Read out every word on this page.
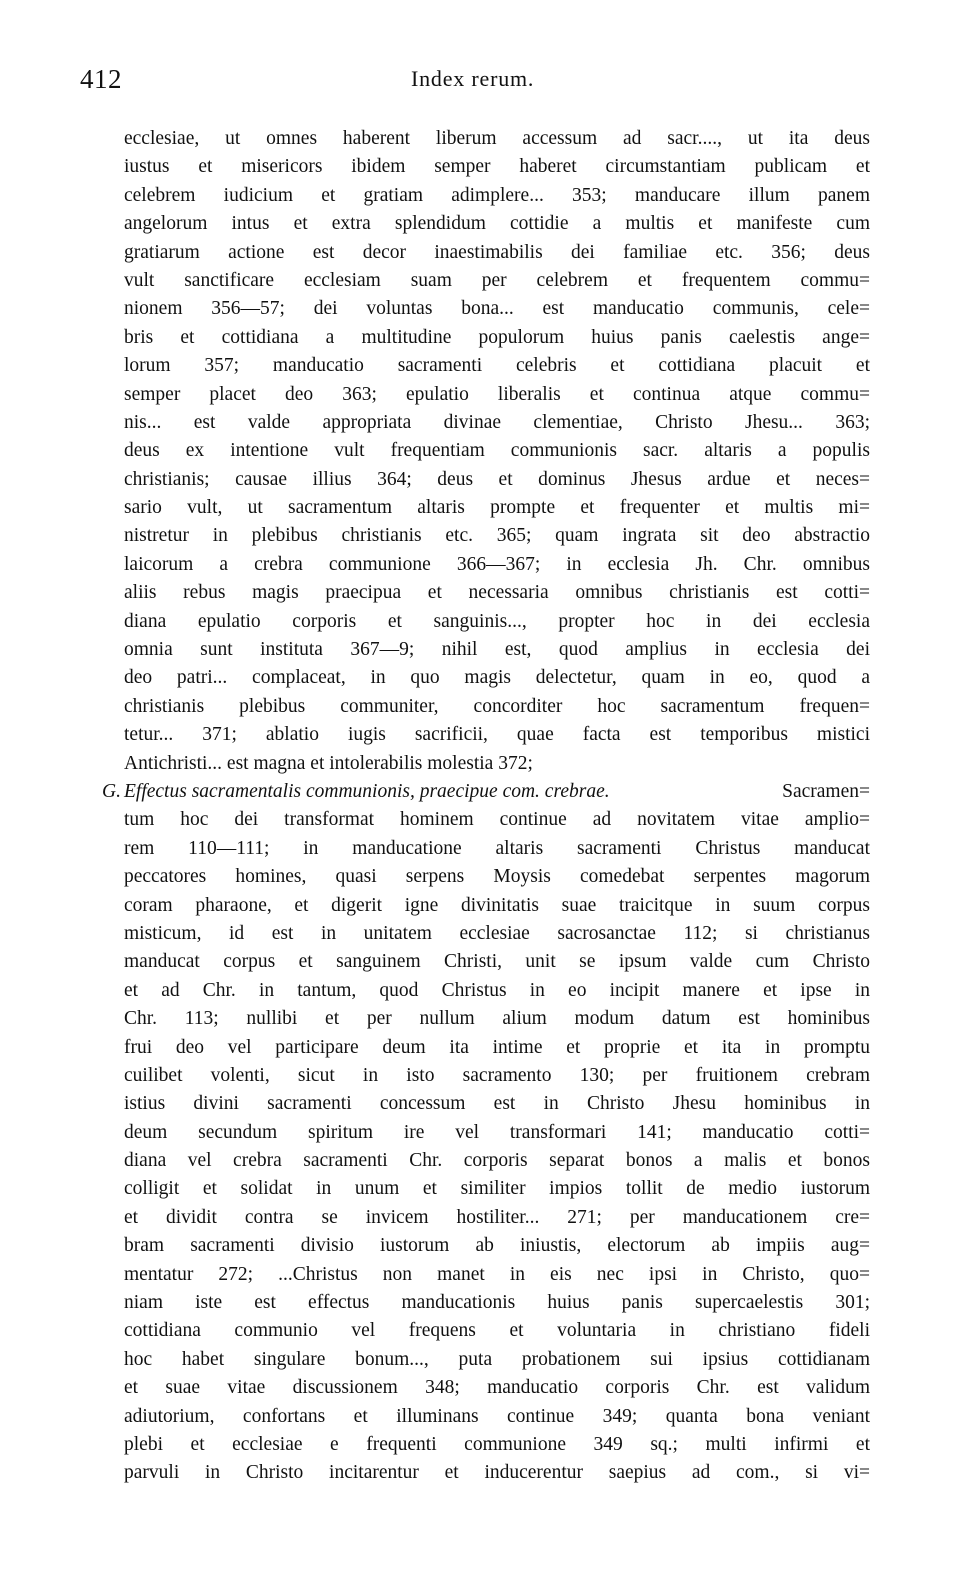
412	Index rerum.
ecclesiae, ut omnes haberent liberum accessum ad sacr...., ut ita deus
iustus et misericors ibidem semper haberet circumstantiam publicam et
celebrem iudicium et gratiam adimplere... 353; manducare illum panem
angelorum intus et extra splendidum cottidie a multis et manifeste cum
gratiarum actione est decor inaestimabilis dei familiae etc. 356; deus
vult sanctificare ecclesiam suam per celebrem et frequentem commu=
nionem 356—57; dei voluntas bona... est manducatio communis, cele=
bris et cottidiana a multitudine populorum huius panis caelestis ange=
lorum 357; manducatio sacramenti celebris et cottidiana placuit et
semper placet deo 363; epulatio liberalis et continua atque commu=
nis... est valde appropriata divinae clementiae, Christo Jhesu... 363;
deus ex intentione vult frequentiam communionis sacr. altaris a populis
christianis; causae illius 364; deus et dominus Jhesus ardue et neces=
sario vult, ut sacramentum altaris prompte et frequenter et multis mi=
nistretur in plebibus christianis etc. 365; quam ingrata sit deo abstractio
laicorum a crebra communione 366—367; in ecclesia Jh. Chr. omnibus
aliis rebus magis praecipua et necessaria omnibus christianis est cotti=
diana epulatio corporis et sanguinis..., propter hoc in dei ecclesia
omnia sunt instituta 367—9; nihil est, quod amplius in ecclesia dei
deo patri... complaceat, in quo magis delectetur, quam in eo, quod a
christianis plebibus communiter, concorditer hoc sacramentum frequen=
tetur... 371; ablatio iugis sacrificii, quae facta est temporibus mistici
Antichristi... est magna et intolerabilis molestia 372;
G. Effectus sacramentalis communionis, praecipue com. crebrae.	Sacramen=
tum hoc dei transformat hominem continue ad novitatem vitae amplio=
rem 110—111; in manducatione altaris sacramenti Christus manducat
peccatores homines, quasi serpens Moysis comedebat serpentes magorum
coram pharaone, et digerit igne divinitatis suae traicitque in suum corpus
misticum, id est in unitatem ecclesiae sacrosanctae 112; si christianus
manducat corpus et sanguinem Christi, unit se ipsum valde cum Christo
et ad Chr. in tantum, quod Christus in eo incipit manere et ipse in
Chr. 113; nullibi et per nullum alium modum datum est hominibus
frui deo vel participare deum ita intime et proprie et ita in promptu
cuilibet volenti, sicut in isto sacramento 130; per fruitionem crebram
istius divini sacramenti concessum est in Christo Jhesu hominibus in
deum secundum spiritum ire vel transformari 141; manducatio cotti=
diana vel crebra sacramenti Chr. corporis separat bonos a malis et bonos
colligit et solidat in unum et similiter impios tollit de medio iustorum
et dividit contra se invicem hostiliter... 271; per manducationem cre=
bram sacramenti divisio iustorum ab iniustis, electorum ab impiis aug=
mentatur 272; ...Christus non manet in eis nec ipsi in Christo, quo=
niam iste est effectus manducationis huius panis supercaelestis 301;
cottidiana communio vel frequens et voluntaria in christiano fideli
hoc habet singulare bonum..., puta probationem sui ipsius cottidianam
et suae vitae discussionem 348; manducatio corporis Chr. est validum
adiutorium, confortans et illuminans continue 349; quanta bona veniant
plebi et ecclesiae e frequenti communione 349 sq.; multi infirmi et
parvuli in Christo incitarentur et inducerentur saepius ad com., si vi=
